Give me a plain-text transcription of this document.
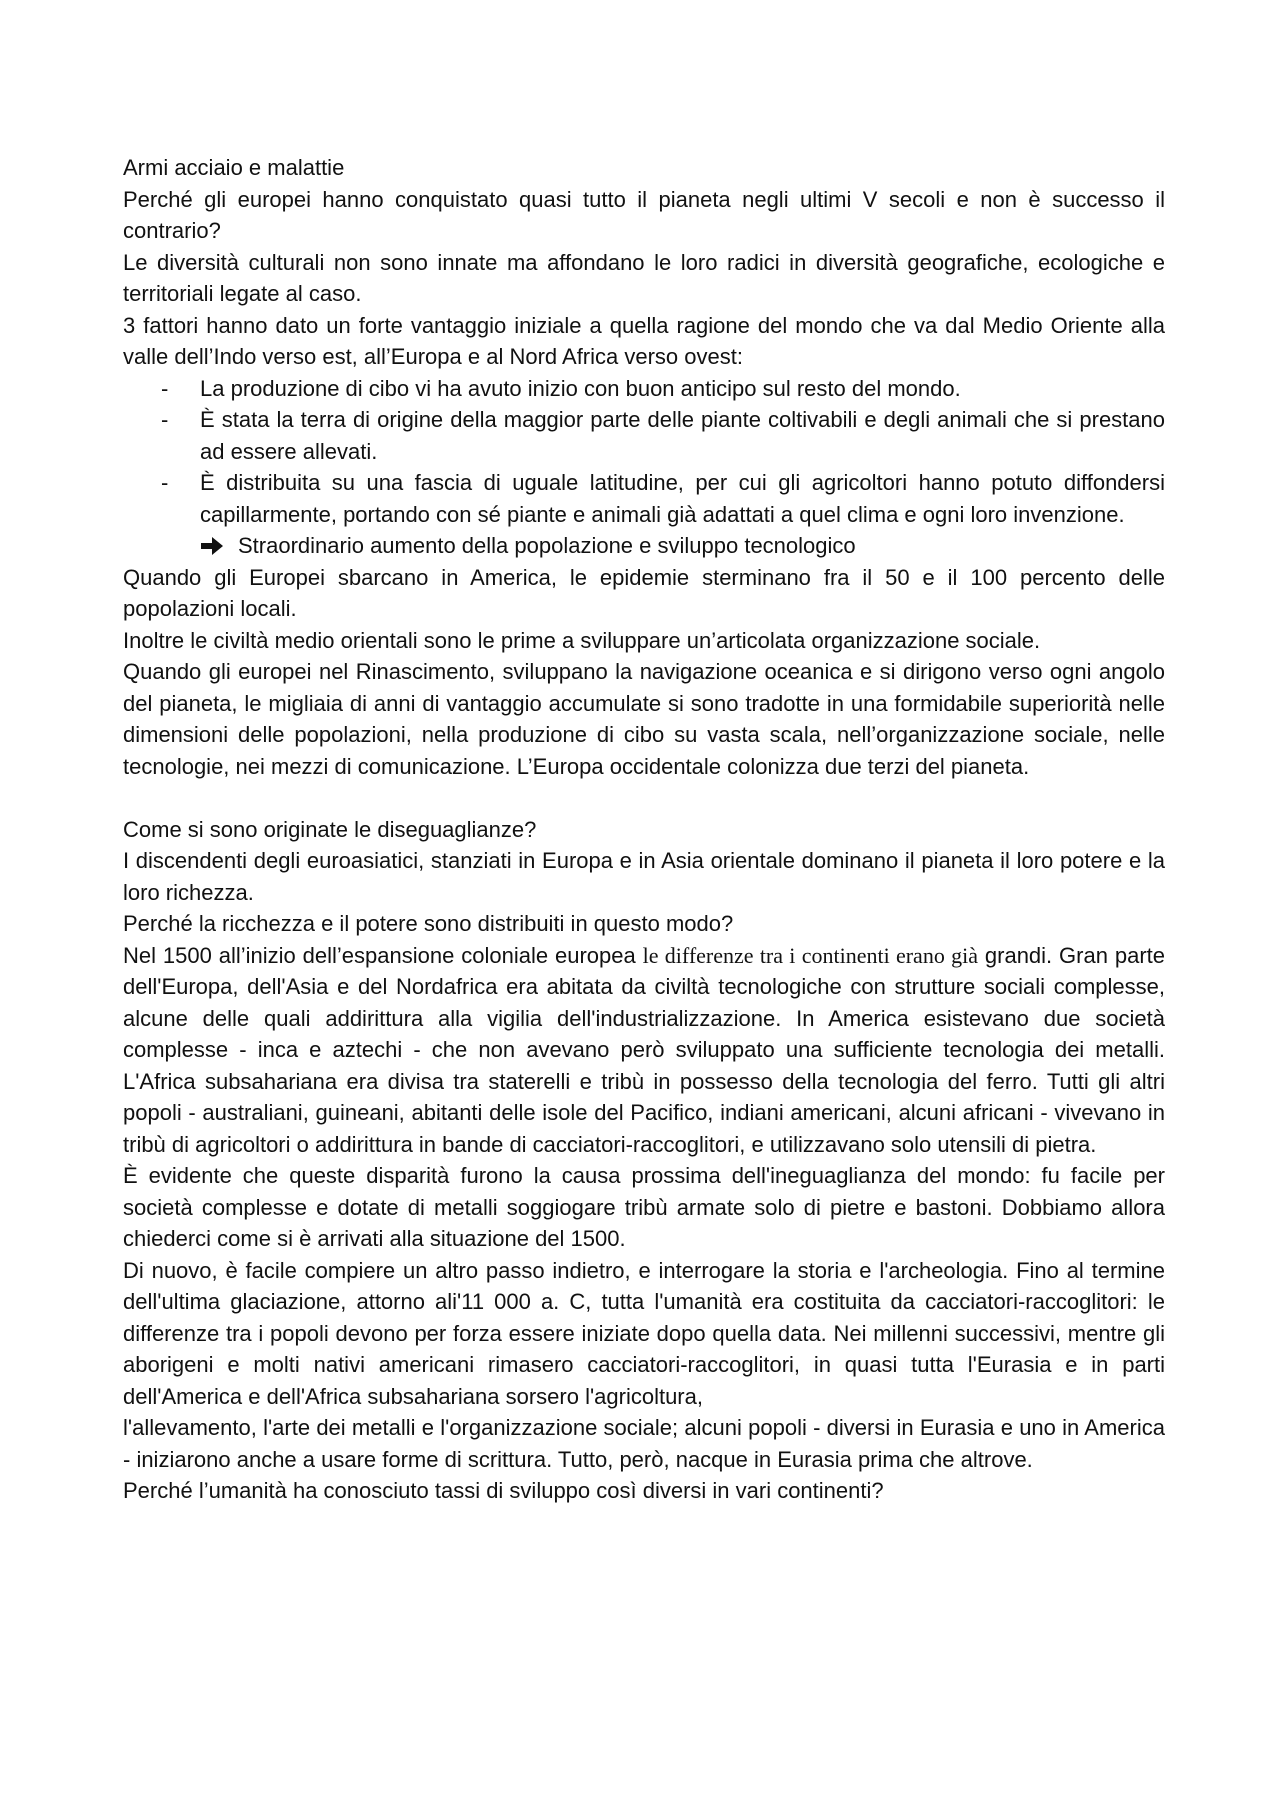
Armi acciaio e malattie

Perché gli europei hanno conquistato quasi tutto il pianeta negli ultimi V secoli e non è successo il contrario?

Le diversità culturali non sono innate ma affondano le loro radici in diversità geografiche, ecologiche e territoriali legate al caso.

3 fattori hanno dato un forte vantaggio iniziale a quella ragione del mondo che va dal Medio Oriente alla valle dell’Indo verso est, all’Europa e al Nord Africa verso ovest:

- La produzione di cibo vi ha avuto inizio con buon anticipo sul resto del mondo.
- È stata la terra di origine della maggior parte delle piante coltivabili e degli animali che si prestano ad essere allevati.
- È distribuita su una fascia di uguale latitudine, per cui gli agricoltori hanno potuto diffondersi capillarmente, portando con sé piante e animali già adattati a quel clima e ogni loro invenzione.
Straordinario aumento della popolazione e sviluppo tecnologico

Quando gli Europei sbarcano in America, le epidemie sterminano fra il 50 e il 100 percento delle popolazioni locali.

Inoltre le civiltà medio orientali sono le prime a sviluppare un’articolata organizzazione sociale.

Quando gli europei nel Rinascimento, sviluppano la navigazione oceanica e si dirigono verso ogni angolo del pianeta, le migliaia di anni di vantaggio accumulate si sono tradotte in una formidabile superiorità nelle dimensioni delle popolazioni, nella produzione di cibo su vasta scala, nell’organizzazione sociale, nelle tecnologie, nei mezzi di comunicazione. L’Europa occidentale colonizza due terzi del pianeta.

Come si sono originate le diseguaglianze?

I discendenti degli euroasiatici, stanziati in Europa e in Asia orientale dominano il pianeta il loro potere e la loro richezza.

Perché la ricchezza e il potere sono distribuiti in questo modo?

Nel 1500 all’inizio dell’espansione coloniale europea le differenze tra i continenti erano già grandi. Gran parte dell'Europa, dell'Asia e del Nordafrica era abitata da civiltà tecnologiche con strutture sociali complesse, alcune delle quali addirittura alla vigilia dell'industrializzazione. In America esistevano due società complesse - inca e aztechi - che non avevano però sviluppato una sufficiente tecnologia dei metalli. L'Africa subsahariana era divisa tra staterelli e tribù in possesso della tecnologia del ferro. Tutti gli altri popoli - australiani, guineani, abitanti delle isole del Pacifico, indiani americani, alcuni africani - vivevano in tribù di agricoltori o addirittura in bande di cacciatori-raccoglitori, e utilizzavano solo utensili di pietra.

È evidente che queste disparità furono la causa prossima dell'ineguaglianza del mondo: fu facile per società complesse e dotate di metalli soggiogare tribù armate solo di pietre e bastoni. Dobbiamo allora chiederci come si è arrivati alla situazione del 1500.

Di nuovo, è facile compiere un altro passo indietro, e interrogare la storia e l'archeologia. Fino al termine dell'ultima glaciazione, attorno ali'11 000 a. C, tutta l'umanità era costituita da cacciatori-raccoglitori: le differenze tra i popoli devono per forza essere iniziate dopo quella data. Nei millenni successivi, mentre gli aborigeni e molti nativi americani rimasero cacciatori-raccoglitori, in quasi tutta l'Eurasia e in parti dell'America e dell'Africa subsahariana sorsero l'agricoltura,

l'allevamento, l'arte dei metalli e l'organizzazione sociale; alcuni popoli - diversi in Eurasia e uno in America - iniziarono anche a usare forme di scrittura. Tutto, però, nacque in Eurasia prima che altrove.

Perché l’umanità ha conosciuto tassi di sviluppo così diversi in vari continenti?
